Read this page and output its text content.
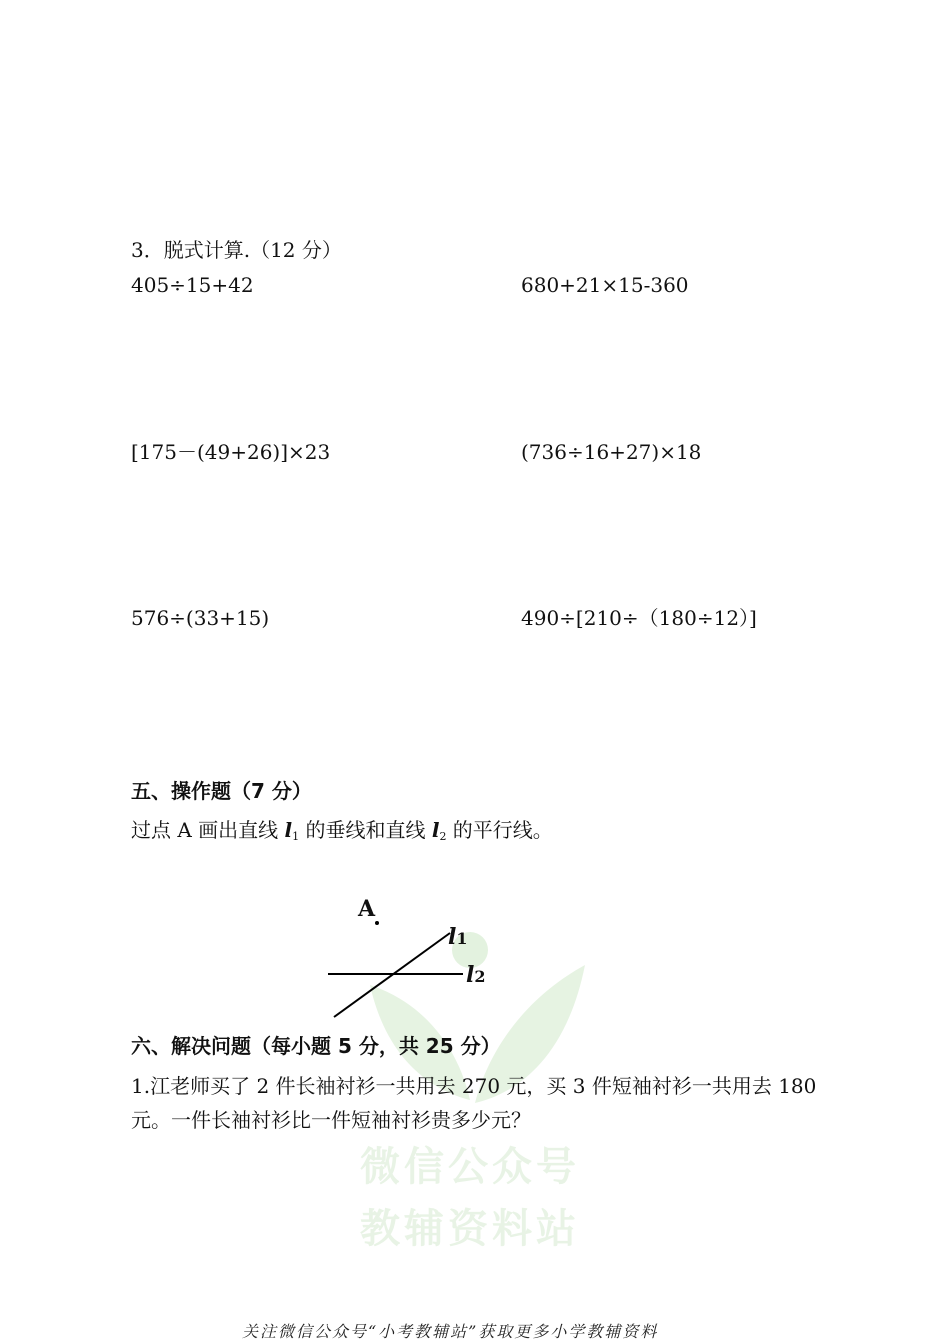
微信公众号
教辅资料站
3．脱式计算.（12 分）
405÷15+42	680+21×15-360
[175－(49+26)]×23	(736÷16+27)×18
576÷(33+15)	490÷[210÷（180÷12）]
五、操作题（7 分）
过点 A 画出直线 $l_1$ 的垂线和直线 $l_2$ 的平行线。
A
l1
l2
六、解决问题（每小题 5 分，共 25 分）
1.江老师买了 2 件长袖衬衫一共用去 270 元，买 3 件短袖衬衫一共用去 180 元。一件长袖衬衫比一件短袖衬衫贵多少元？
关注微信公众号“小考教辅站”获取更多小学教辅资料
